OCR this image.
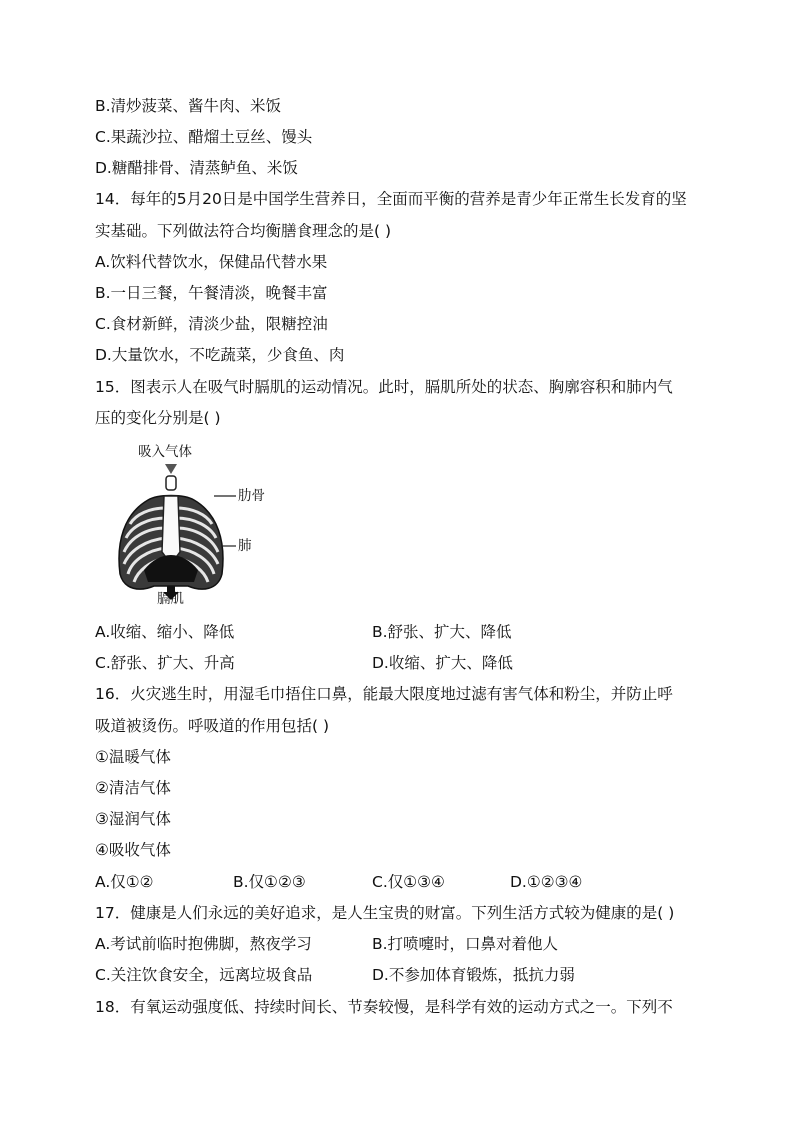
B.清炒菠菜、酱牛肉、米饭
C.果蔬沙拉、醋熘土豆丝、馒头
D.糖醋排骨、清蒸鲈鱼、米饭
14．每年的5月20日是中国学生营养日，全面而平衡的营养是青少年正常生长发育的坚
实基础。下列做法符合均衡膳食理念的是( )
A.饮料代替饮水，保健品代替水果
B.一日三餐，午餐清淡，晚餐丰富
C.食材新鲜，清淡少盐，限糖控油
D.大量饮水，不吃蔬菜，少食鱼、肉
15．图表示人在吸气时膈肌的运动情况。此时，膈肌所处的状态、胸廓容积和肺内气
压的变化分别是( )
吸入气体
肋骨
肺
膈肌
A.收缩、缩小、降低	B.舒张、扩大、降低
C.舒张、扩大、升高	D.收缩、扩大、降低
16．火灾逃生时，用湿毛巾捂住口鼻，能最大限度地过滤有害气体和粉尘，并防止呼
吸道被烫伤。呼吸道的作用包括( )
①温暖气体
②清洁气体
③湿润气体
④吸收气体
A.仅①②	B.仅①②③	C.仅①③④	D.①②③④
17．健康是人们永远的美好追求，是人生宝贵的财富。下列生活方式较为健康的是( )
A.考试前临时抱佛脚，熬夜学习	B.打喷嚏时，口鼻对着他人
C.关注饮食安全，远离垃圾食品	D.不参加体育锻炼，抵抗力弱
18．有氧运动强度低、持续时间长、节奏较慢，是科学有效的运动方式之一。下列不
